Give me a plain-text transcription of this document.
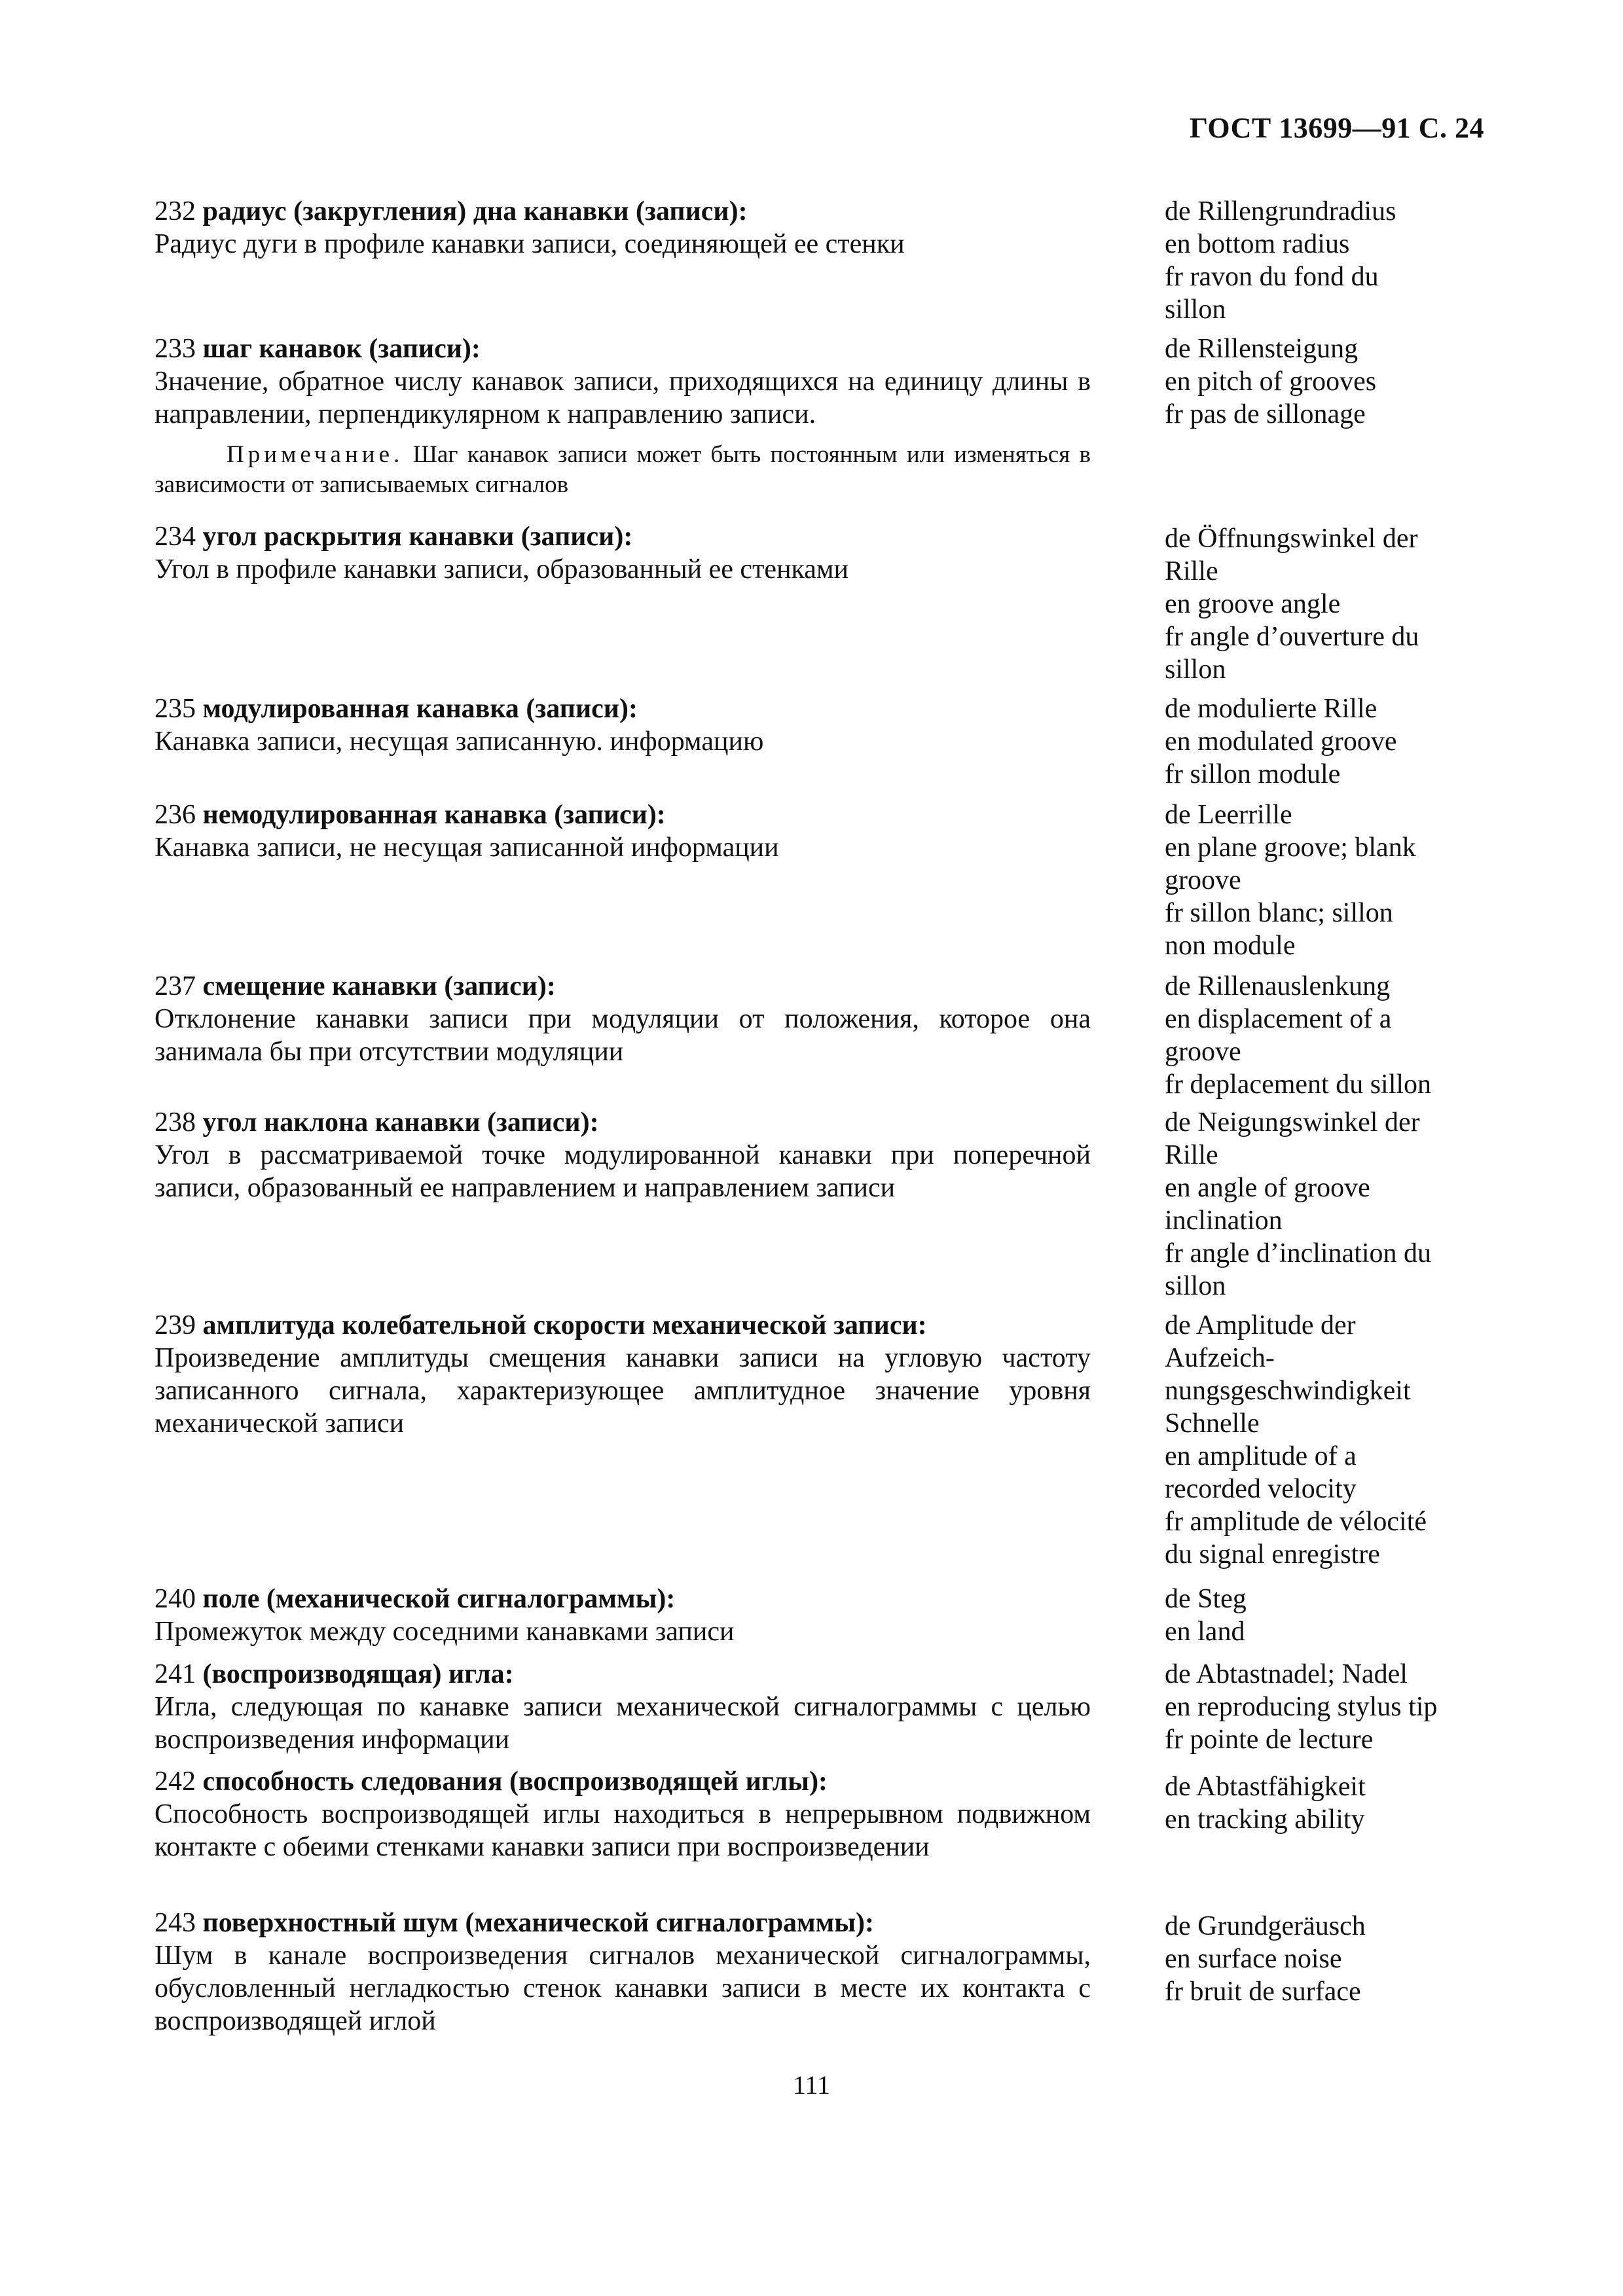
ГОСТ 13699—91 С. 24
232 радиус (закругления) дна канавки (записи):
Радиус дуги в профиле канавки записи, соединяющей ее стенки
de Rillengrundradius
en bottom radius
fr ravon du fond du
sillon
233 шаг канавок (записи):
Значение, обратное числу канавок записи, приходящихся на единицу длины в направлении, перпендикулярном к направлению записи.
Примечание. Шаг канавок записи может быть постоянным или изменяться в зависимости от записываемых сигналов
de Rillensteigung
en pitch of grooves
fr pas de sillonage
234 угол раскрытия канавки (записи):
Угол в профиле канавки записи, образованный ее стенками
de Öffnungswinkel der
Rille
en groove angle
fr angle d’ouverture du
sillon
235 модулированная канавка (записи):
Канавка записи, несущая записанную. информацию
de modulierte Rille
en modulated groove
fr sillon module
236 немодулированная канавка (записи):
Канавка записи, не несущая записанной информации
de Leerrille
en plane groove; blank
groove
fr sillon blanc; sillon
non module
237 смещение канавки (записи):
Отклонение канавки записи при модуляции от положения, которое она занимала бы при отсутствии модуляции
de Rillenauslenkung
en displacement of a
groove
fr deplacement du sillon
238 угол наклона канавки (записи):
Угол в рассматриваемой точке модулированной канавки при поперечной записи, образованный ее направлением и направлением записи
de Neigungswinkel der
Rille
en angle of groove
inclination
fr angle d’inclination du
sillon
239 амплитуда колебательной скорости механической записи:
Произведение амплитуды смещения канавки записи на угловую частоту записанного сигнала, характеризующее амплитудное значение уровня механической записи
de Amplitude der
Aufzeich-
nungsgeschwindigkeit
Schnelle
en amplitude of a
recorded velocity
fr amplitude de vélocité
du signal enregistre
240 поле (механической сигналограммы):
Промежуток между соседними канавками записи
de Steg
en land
241 (воспроизводящая) игла:
Игла, следующая по канавке записи механической сигналограммы с целью воспроизведения информации
de Abtastnadel; Nadel
en reproducing stylus tip
fr pointe de lecture
242 способность следования (воспроизводящей иглы):
Способность воспроизводящей иглы находиться в непрерывном подвижном контакте с обеими стенками канавки записи при воспроизведении
de Abtastfähigkeit
en tracking ability
243 поверхностный шум (механической сигналограммы):
Шум в канале воспроизведения сигналов механической сигналограммы, обусловленный негладкостью стенок канавки записи в месте их контакта с воспроизводящей иглой
de Grundgeräusch
en surface noise
fr bruit de surface
111
